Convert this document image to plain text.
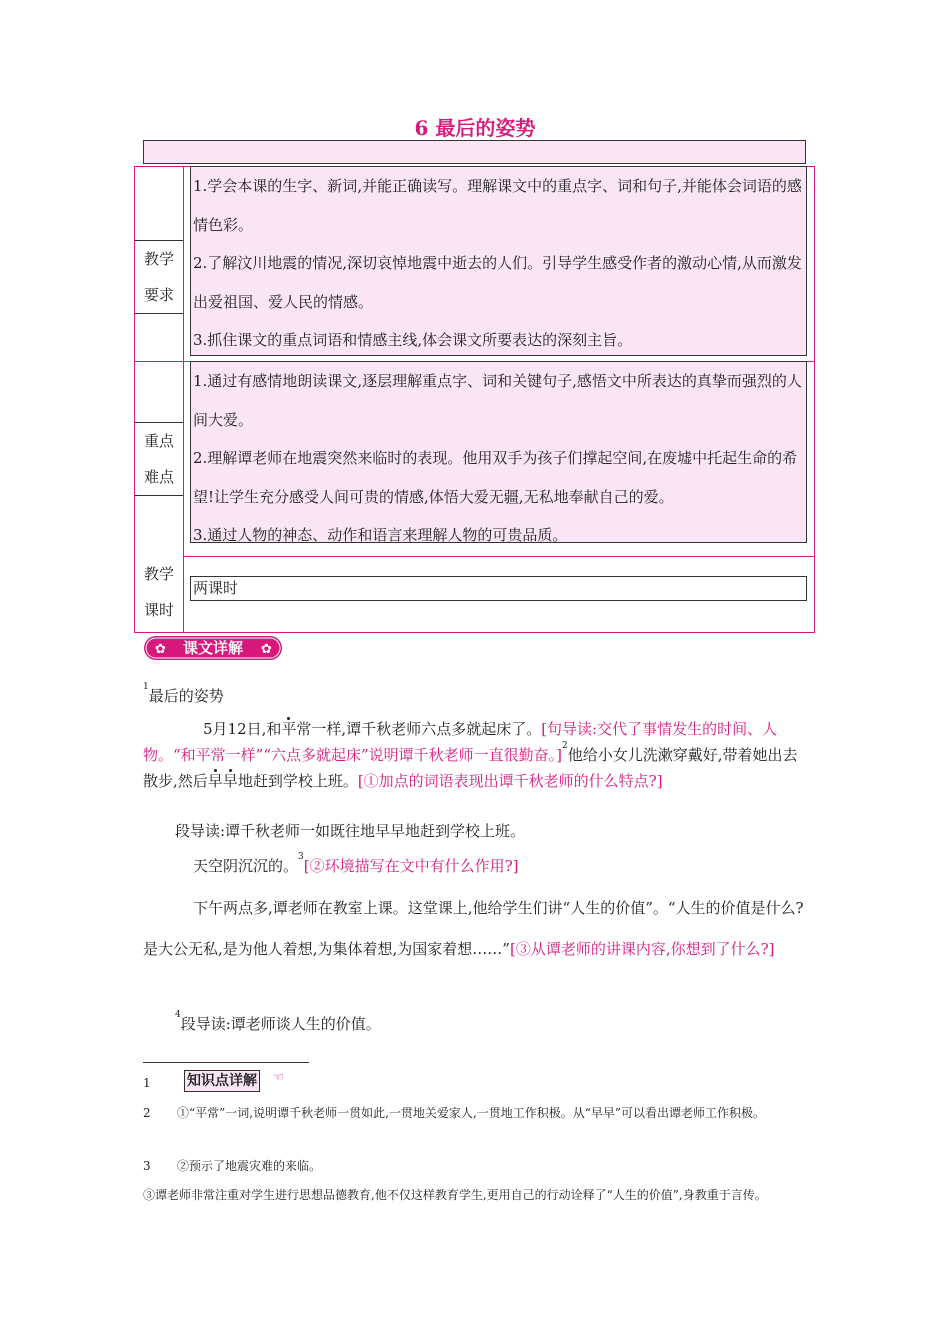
6 最后的姿势
教学
要求

1.学会本课的生字、新词,并能正确读写。理解课文中的重点字、词和句子,并能体会词语的感情色彩。

2.了解汶川地震的情况,深切哀悼地震中逝去的人们。引导学生感受作者的激动心情,从而激发出爱祖国、爱人民的情感。

3.抓住课文的重点词语和情感主线,体会课文所要表达的深刻主旨。

重点
难点

1.通过有感情地朗读课文,逐层理解重点字、词和关键句子,感悟文中所表达的真挚而强烈的人间大爱。

2.理解谭老师在地震突然来临时的表现。他用双手为孩子们撑起空间,在废墟中托起生命的希望!让学生充分感受人间可贵的情感,体悟大爱无疆,无私地奉献自己的爱。

3.通过人物的神态、动作和语言来理解人物的可贵品质。

教学
课时
两课时
✿	✿
课文详解
$^1$最后的姿势
5月12日,和平常一样,谭千秋老师六点多就起床了。[句导读:交代了事情发生的时间、人物。“和平常一样”“六点多就起床”说明谭千秋老师一直很勤奋。]$^2$他给小女儿洗漱穿戴好,带着她出去散步,然后早早地赶到学校上班。[①加点的词语表现出谭千秋老师的什么特点?]
段导读:谭千秋老师一如既往地早早地赶到学校上班。
天空阴沉沉的。$^3$[②环境描写在文中有什么作用?]
下午两点多,谭老师在教室上课。这堂课上,他给学生们讲“人生的价值”。“人生的价值是什么?是大公无私,是为他人着想,为集体着想,为国家着想……”[③从谭老师的讲课内容,你想到了什么?]
$^4$段导读:谭老师谈人生的价值。
1	知识点详解 ☜
2	①“平常”一词,说明谭千秋老师一贯如此,一贯地关爱家人,一贯地工作积极。从“早早”可以看出谭老师工作积极。
3 ②预示了地震灾难的来临。
③谭老师非常注重对学生进行思想品德教育,他不仅这样教育学生,更用自己的行动诠释了“人生的价值”,身教重于言传。
